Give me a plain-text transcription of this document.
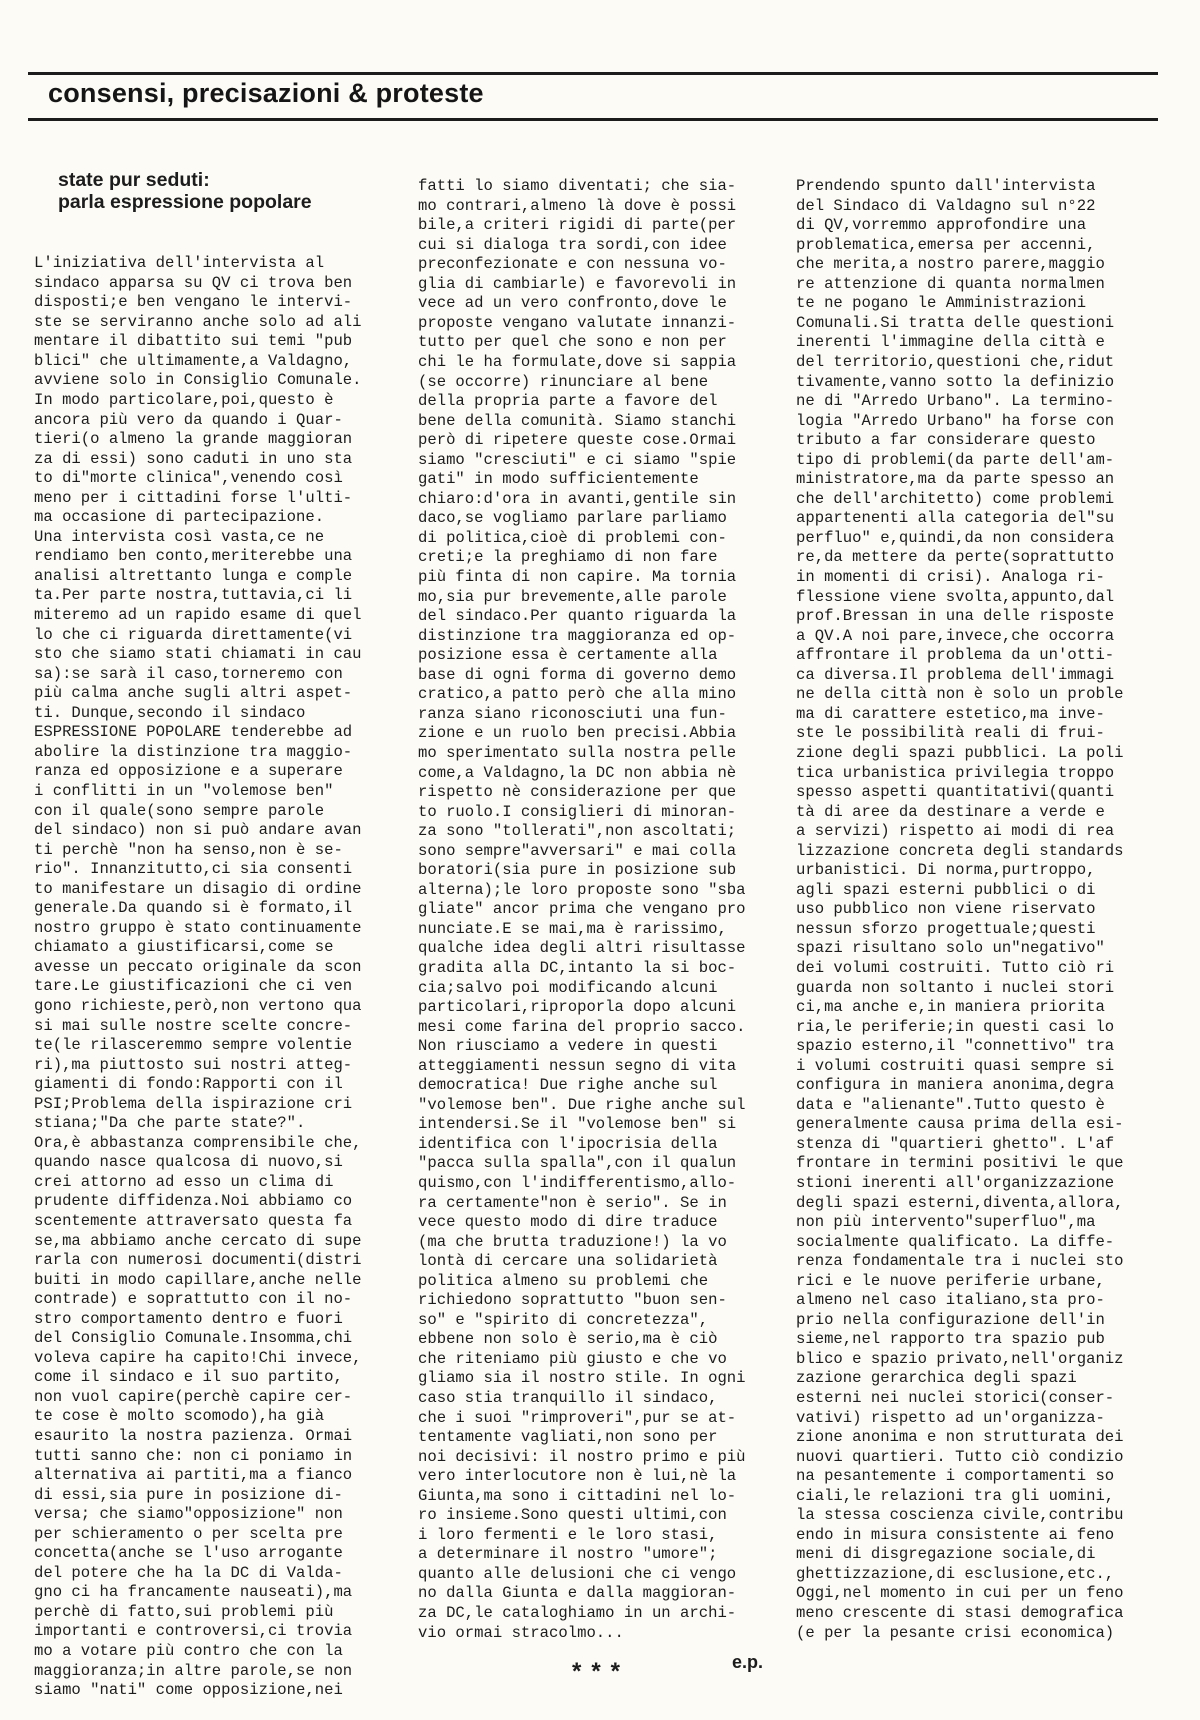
consensi, precisazioni & proteste

state pur seduti:
parla espressione popolare

L'iniziativa dell'intervista al
sindaco apparsa su QV ci trova ben
disposti;e ben vengano le intervi-
ste se serviranno anche solo ad ali
mentare il dibattito sui temi "pub
blici" che ultimamente,a Valdagno,
avviene solo in Consiglio Comunale.
In modo particolare,poi,questo è
ancora più vero da quando i Quar-
tieri(o almeno la grande maggioran
za di essi) sono caduti in uno sta
to di"morte clinica",venendo così
meno per i cittadini forse l'ulti-
ma occasione di partecipazione.
Una intervista così vasta,ce ne
rendiamo ben conto,meriterebbe una
analisi altrettanto lunga e comple
ta.Per parte nostra,tuttavia,ci li
miteremo ad un rapido esame di quel
lo che ci riguarda direttamente(vi
sto che siamo stati chiamati in cau
sa):se sarà il caso,torneremo con
più calma anche sugli altri aspet-
ti. Dunque,secondo il sindaco
ESPRESSIONE POPOLARE tenderebbe ad
abolire la distinzione tra maggio-
ranza ed opposizione e a superare
i conflitti in un "volemose ben"
con il quale(sono sempre parole
del sindaco) non si può andare avan
ti perchè "non ha senso,non è se-
rio". Innanzitutto,ci sia consenti
to manifestare un disagio di ordine
generale.Da quando si è formato,il
nostro gruppo è stato continuamente
chiamato a giustificarsi,come se
avesse un peccato originale da scon
tare.Le giustificazioni che ci ven
gono richieste,però,non vertono qua
si mai sulle nostre scelte concre-
te(le rilasceremmo sempre volentie
ri),ma piuttosto sui nostri atteg-
giamenti di fondo:Rapporti con il
PSI;Problema della ispirazione cri
stiana;"Da che parte state?".
Ora,è abbastanza comprensibile che,
quando nasce qualcosa di nuovo,si
crei attorno ad esso un clima di
prudente diffidenza.Noi abbiamo co
scentemente attraversato questa fa
se,ma abbiamo anche cercato di supe
rarla con numerosi documenti(distri
buiti in modo capillare,anche nelle
contrade) e soprattutto con il no-
stro comportamento dentro e fuori
del Consiglio Comunale.Insomma,chi
voleva capire ha capito!Chi invece,
come il sindaco e il suo partito,
non vuol capire(perchè capire cer-
te cose è molto scomodo),ha già
esaurito la nostra pazienza. Ormai
tutti sanno che: non ci poniamo in
alternativa ai partiti,ma a fianco
di essi,sia pure in posizione di-
versa; che siamo"opposizione" non
per schieramento o per scelta pre
concetta(anche se l'uso arrogante
del potere che ha la DC di Valda-
gno ci ha francamente nauseati),ma
perchè di fatto,sui problemi più
importanti e controversi,ci trovia
mo a votare più contro che con la
maggioranza;in altre parole,se non
siamo "nati" come opposizione,nei

fatti lo siamo diventati; che sia-
mo contrari,almeno là dove è possi
bile,a criteri rigidi di parte(per
cui si dialoga tra sordi,con idee
preconfezionate e con nessuna vo-
glia di cambiarle) e favorevoli in
vece ad un vero confronto,dove le
proposte vengano valutate innanzi-
tutto per quel che sono e non per
chi le ha formulate,dove si sappia
(se occorre) rinunciare al bene
della propria parte a favore del
bene della comunità. Siamo stanchi
però di ripetere queste cose.Ormai
siamo "cresciuti" e ci siamo "spie
gati" in modo sufficientemente
chiaro:d'ora in avanti,gentile sin
daco,se vogliamo parlare parliamo
di politica,cioè di problemi con-
creti;e la preghiamo di non fare
più finta di non capire. Ma tornia
mo,sia pur brevemente,alle parole
del sindaco.Per quanto riguarda la
distinzione tra maggioranza ed op-
posizione essa è certamente alla
base di ogni forma di governo demo
cratico,a patto però che alla mino
ranza siano riconosciuti una fun-
zione e un ruolo ben precisi.Abbia
mo sperimentato sulla nostra pelle
come,a Valdagno,la DC non abbia nè
rispetto nè considerazione per que
to ruolo.I consiglieri di minoran-
za sono "tollerati",non ascoltati;
sono sempre"avversari" e mai colla
boratori(sia pure in posizione sub
alterna);le loro proposte sono "sba
gliate" ancor prima che vengano pro
nunciate.E se mai,ma è rarissimo,
qualche idea degli altri risultasse
gradita alla DC,intanto la si boc-
cia;salvo poi modificando alcuni
particolari,riproporla dopo alcuni
mesi come farina del proprio sacco.
Non riusciamo a vedere in questi
atteggiamenti nessun segno di vita
democratica! Due righe anche sul
"volemose ben". Due righe anche sul
intendersi.Se il "volemose ben" si
identifica con l'ipocrisia della
"pacca sulla spalla",con il qualun
quismo,con l'indifferentismo,allo-
ra certamente"non è serio". Se in
vece questo modo di dire traduce
(ma che brutta traduzione!) la vo
lontà di cercare una solidarietà
politica almeno su problemi che
richiedono soprattutto "buon sen-
so" e "spirito di concretezza",
ebbene non solo è serio,ma è ciò
che riteniamo più giusto e che vo
gliamo sia il nostro stile. In ogni
caso stia tranquillo il sindaco,
che i suoi "rimproveri",pur se at-
tentamente vagliati,non sono per
noi decisivi: il nostro primo e più
vero interlocutore non è lui,nè la
Giunta,ma sono i cittadini nel lo-
ro insieme.Sono questi ultimi,con
i loro fermenti e le loro stasi,
a determinare il nostro "umore";
quanto alle delusioni che ci vengo
no dalla Giunta e dalla maggioran-
za DC,le cataloghiamo in un archi-
vio ormai stracolmo...

Prendendo spunto dall'intervista
del Sindaco di Valdagno sul n°22
di QV,vorremmo approfondire una
problematica,emersa per accenni,
che merita,a nostro parere,maggio
re attenzione di quanta normalmen
te ne pogano le Amministrazioni
Comunali.Si tratta delle questioni
inerenti l'immagine della città e
del territorio,questioni che,ridut
tivamente,vanno sotto la definizio
ne di "Arredo Urbano". La termino-
logia "Arredo Urbano" ha forse con
tributo a far considerare questo
tipo di problemi(da parte dell'am-
ministratore,ma da parte spesso an
che dell'architetto) come problemi
appartenenti alla categoria del"su
perfluo" e,quindi,da non considera
re,da mettere da perte(soprattutto
in momenti di crisi). Analoga ri-
flessione viene svolta,appunto,dal
prof.Bressan in una delle risposte
a QV.A noi pare,invece,che occorra
affrontare il problema da un'otti-
ca diversa.Il problema dell'immagi
ne della città non è solo un proble
ma di carattere estetico,ma inve-
ste le possibilità reali di frui-
zione degli spazi pubblici. La poli
tica urbanistica privilegia troppo
spesso aspetti quantitativi(quanti
tà di aree da destinare a verde e
a servizi) rispetto ai modi di rea
lizzazione concreta degli standards
urbanistici. Di norma,purtroppo,
agli spazi esterni pubblici o di
uso pubblico non viene riservato
nessun sforzo progettuale;questi
spazi risultano solo un"negativo"
dei volumi costruiti. Tutto ciò ri
guarda non soltanto i nuclei stori
ci,ma anche e,in maniera priorita
ria,le periferie;in questi casi lo
spazio esterno,il "connettivo" tra
i volumi costruiti quasi sempre si
configura in maniera anonima,degra
data e "alienante".Tutto questo è
generalmente causa prima della esi-
stenza di "quartieri ghetto". L'af
frontare in termini positivi le que
stioni inerenti all'organizzazione
degli spazi esterni,diventa,allora,
non più intervento"superfluo",ma
socialmente qualificato. La diffe-
renza fondamentale tra i nuclei sto
rici e le nuove periferie urbane,
almeno nel caso italiano,sta pro-
prio nella configurazione dell'in
sieme,nel rapporto tra spazio pub
blico e spazio privato,nell'organiz
zazione gerarchica degli spazi
esterni nei nuclei storici(conser-
vativi) rispetto ad un'organizza-
zione anonima e non strutturata dei
nuovi quartieri. Tutto ciò condizio
na pesantemente i comportamenti so
ciali,le relazioni tra gli uomini,
la stessa coscienza civile,contribu
endo in misura consistente ai feno
meni di disgregazione sociale,di
ghettizzazione,di esclusione,etc.,
Oggi,nel momento in cui per un feno
meno crescente di stasi demografica
(e per la pesante crisi economica)

***	e.p.
